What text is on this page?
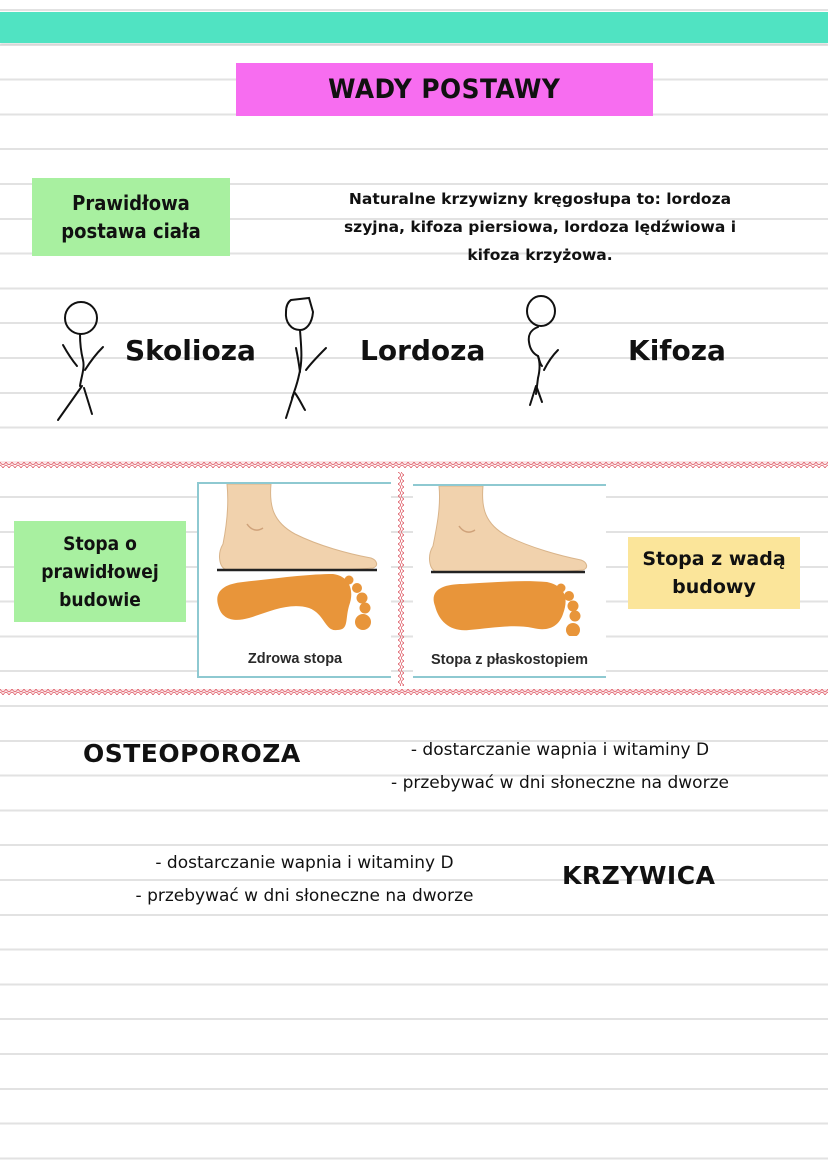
WADY POSTAWY
Prawidłowa
postawa ciała
Naturalne krzywizny kręgosłupa to: lordoza
szyjna, kifoza piersiowa, lordoza lędźwiowa i
kifoza krzyżowa.
Skolioza	Lordoza	Kifoza
Stopa o
prawidłowej
budowie
Zdrowa stopa	Stopa z płaskostopiem
Stopa z wadą
budowy
OSTEOPOROZA	- dostarczanie wapnia i witaminy D
- przebywać w dni słoneczne na dworze
- dostarczanie wapnia i witaminy D
- przebywać w dni słoneczne na dworze
KRZYWICA
